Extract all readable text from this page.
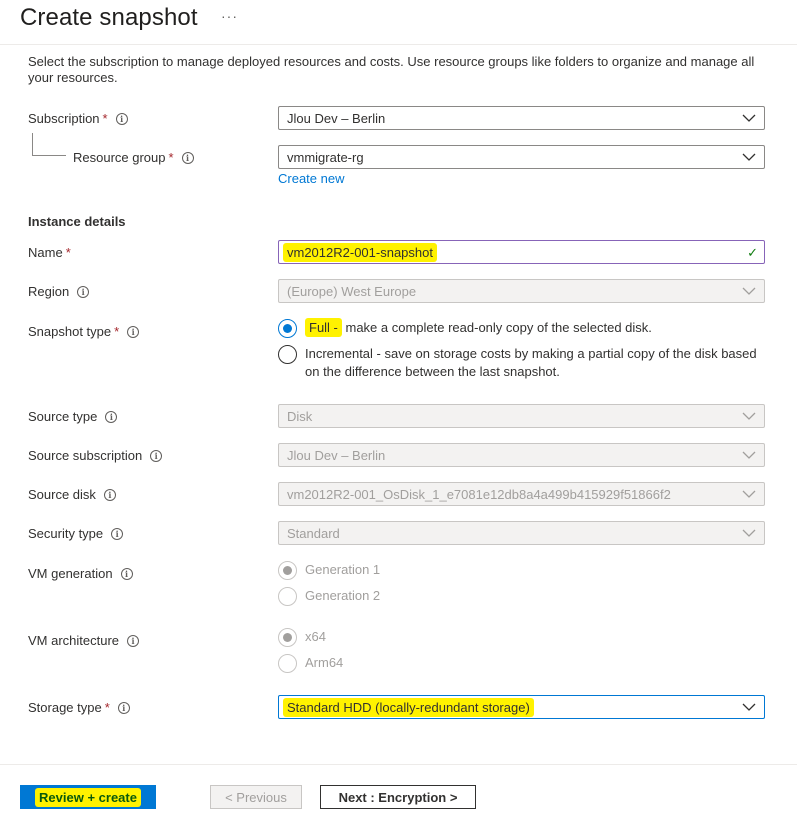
Create snapshot ···
Select the subscription to manage deployed resources and costs. Use resource groups like folders to organize and manage all your resources.
Subscription *	i	Jlou Dev – Berlin
Resource group *	i	vmmigrate-rg
Create new
Instance details
Name *	vm2012R2-001-snapshot	✓
Region	i	(Europe) West Europe
Snapshot type *	i	Full - make a complete read-only copy of the selected disk.
Incremental - save on storage costs by making a partial copy of the disk based on the difference between the last snapshot.
Source type	i	Disk
Source subscription	i	Jlou Dev – Berlin
Source disk	i	vm2012R2-001_OsDisk_1_e7081e12db8a4a499b415929f51866f2
Security type	i	Standard
VM generation	i	Generation 1
Generation 2
VM architecture	i	x64
Arm64
Storage type *	i	Standard HDD (locally-redundant storage)
Review + create	< Previous	Next : Encryption >
